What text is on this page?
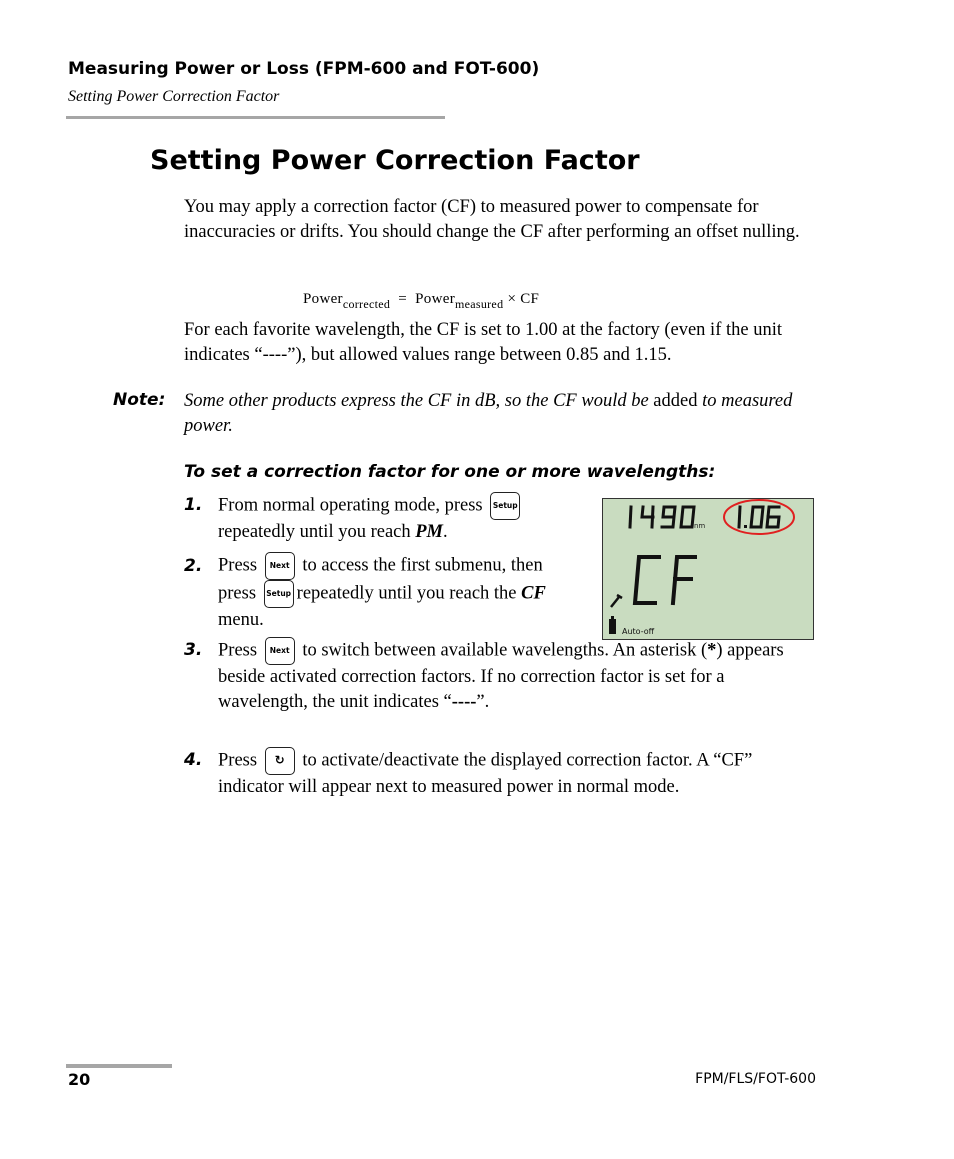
Measuring Power or Loss (FPM-600 and FOT-600)
Setting Power Correction Factor
Setting Power Correction Factor
You may apply a correction factor (CF) to measured power to compensate for inaccuracies or drifts. You should change the CF after performing an offset nulling.
Power$_{corrected}$ = Power$_{measured}$ × CF
For each favorite wavelength, the CF is set to 1.00 at the factory (even if the unit indicates “----”), but allowed values range between 0.85 and 1.15.
Note: Some other products express the CF in dB, so the CF would be added to measured power.
To set a correction factor for one or more wavelengths:
1. From normal operating mode, press Setup
repeatedly until you reach PM.
2. Press Next to access the first submenu, then
press Setup repeatedly until you reach the CF
menu.
nm
Auto-off
3. Press Next to switch between available wavelengths. An asterisk (*) appears beside activated correction factors. If no correction factor is set for a wavelength, the unit indicates “----”.
4. Press ↻ to activate/deactivate the displayed correction factor. A “CF” indicator will appear next to measured power in normal mode.
20	FPM/FLS/FOT-600
